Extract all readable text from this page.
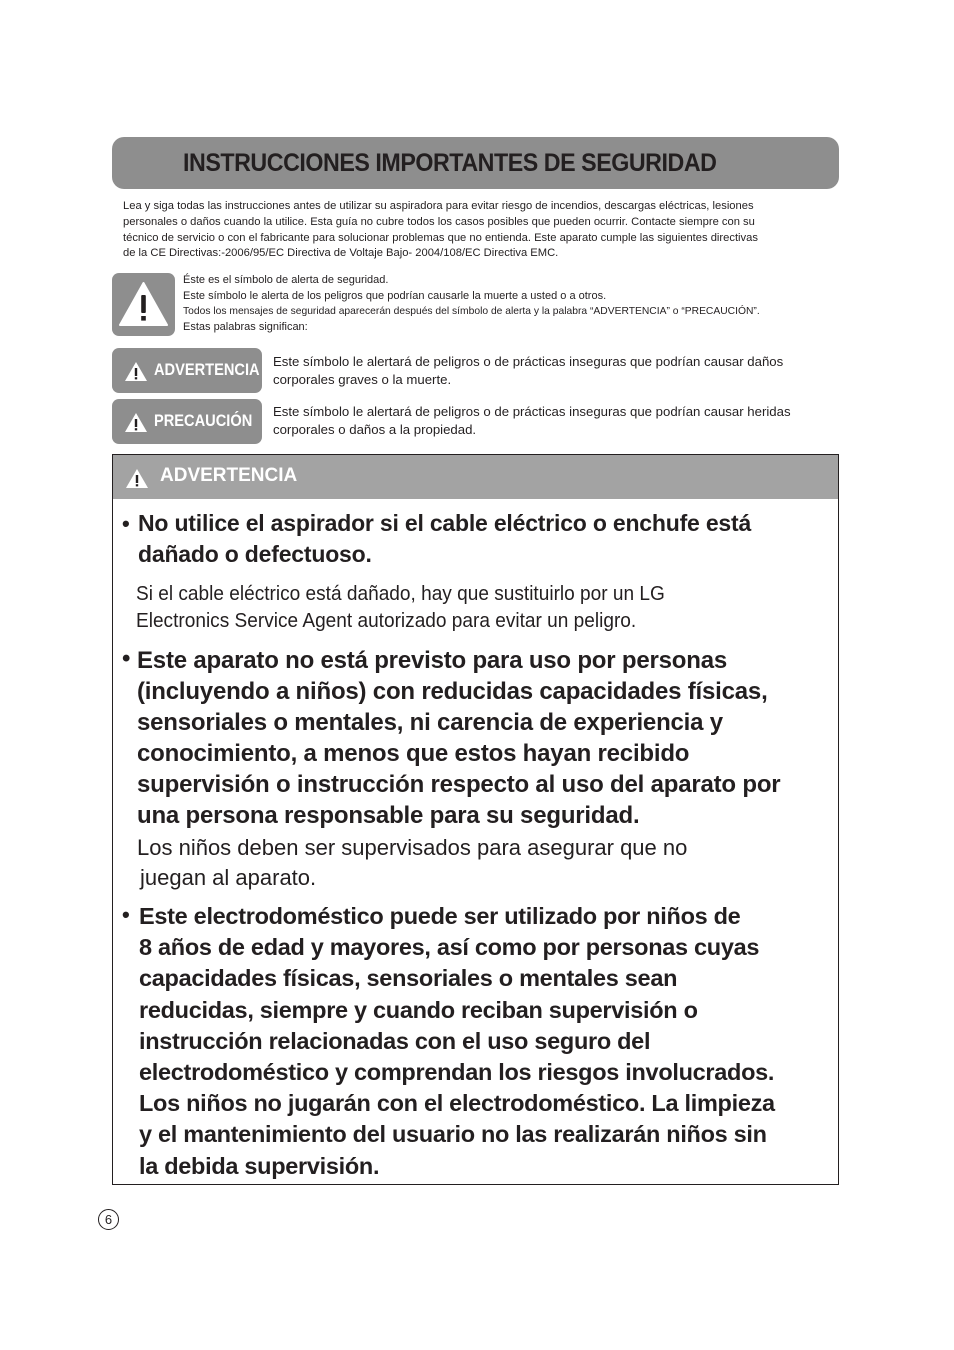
INSTRUCCIONES IMPORTANTES DE SEGURIDAD

Lea y siga todas las instrucciones antes de utilizar su aspiradora para evitar riesgo de incendios, descargas eléctricas, lesiones
personales o daños cuando la utilice. Esta guía no cubre todos los casos posibles que pueden ocurrir. Contacte siempre con su
técnico de servicio o con el fabricante para solucionar problemas que no entienda. Este aparato cumple las siguientes directivas
de la CE Directivas:-2006/95/EC Directiva de Voltaje Bajo- 2004/108/EC Directiva EMC.

Éste es el símbolo de alerta de seguridad.
Este símbolo le alerta de los peligros que podrían causarle la muerte a usted o a otros.
Todos los mensajes de seguridad aparecerán después del símbolo de alerta y la palabra “ADVERTENCIA” o “PRECAUCIÓN”.
Estas palabras significan:
ADVERTENCIA Este símbolo le alertará de peligros o de prácticas inseguras que podrían causar daños
corporales graves o la muerte.

PRECAUCIÓN Este símbolo le alertará de peligros o de prácticas inseguras que podrían causar heridas
corporales o daños a la propiedad.

ADVERTENCIA
• No utilice el aspirador si el cable eléctrico o enchufe está
dañado o defectuoso.

Si el cable eléctrico está dañado, hay que sustituirlo por un LG
Electronics Service Agent autorizado para evitar un peligro.

• Este aparato no está previsto para uso por personas
(incluyendo a niños) con reducidas capacidades físicas,
sensoriales o mentales, ni carencia de experiencia y
conocimiento, a menos que estos hayan recibido
supervisión o instrucción respecto al uso del aparato por
una persona responsable para su seguridad.

Los niños deben ser supervisados para asegurar que no
juegan al aparato.

• Este electrodoméstico puede ser utilizado por niños de
8 años de edad y mayores, así como por personas cuyas
capacidades físicas, sensoriales o mentales sean
reducidas, siempre y cuando reciban supervisión o
instrucción relacionadas con el uso seguro del
electrodoméstico y comprendan los riesgos involucrados.
Los niños no jugarán con el electrodoméstico. La limpieza
y el mantenimiento del usuario no las realizarán niños sin
la debida supervisión.

6
